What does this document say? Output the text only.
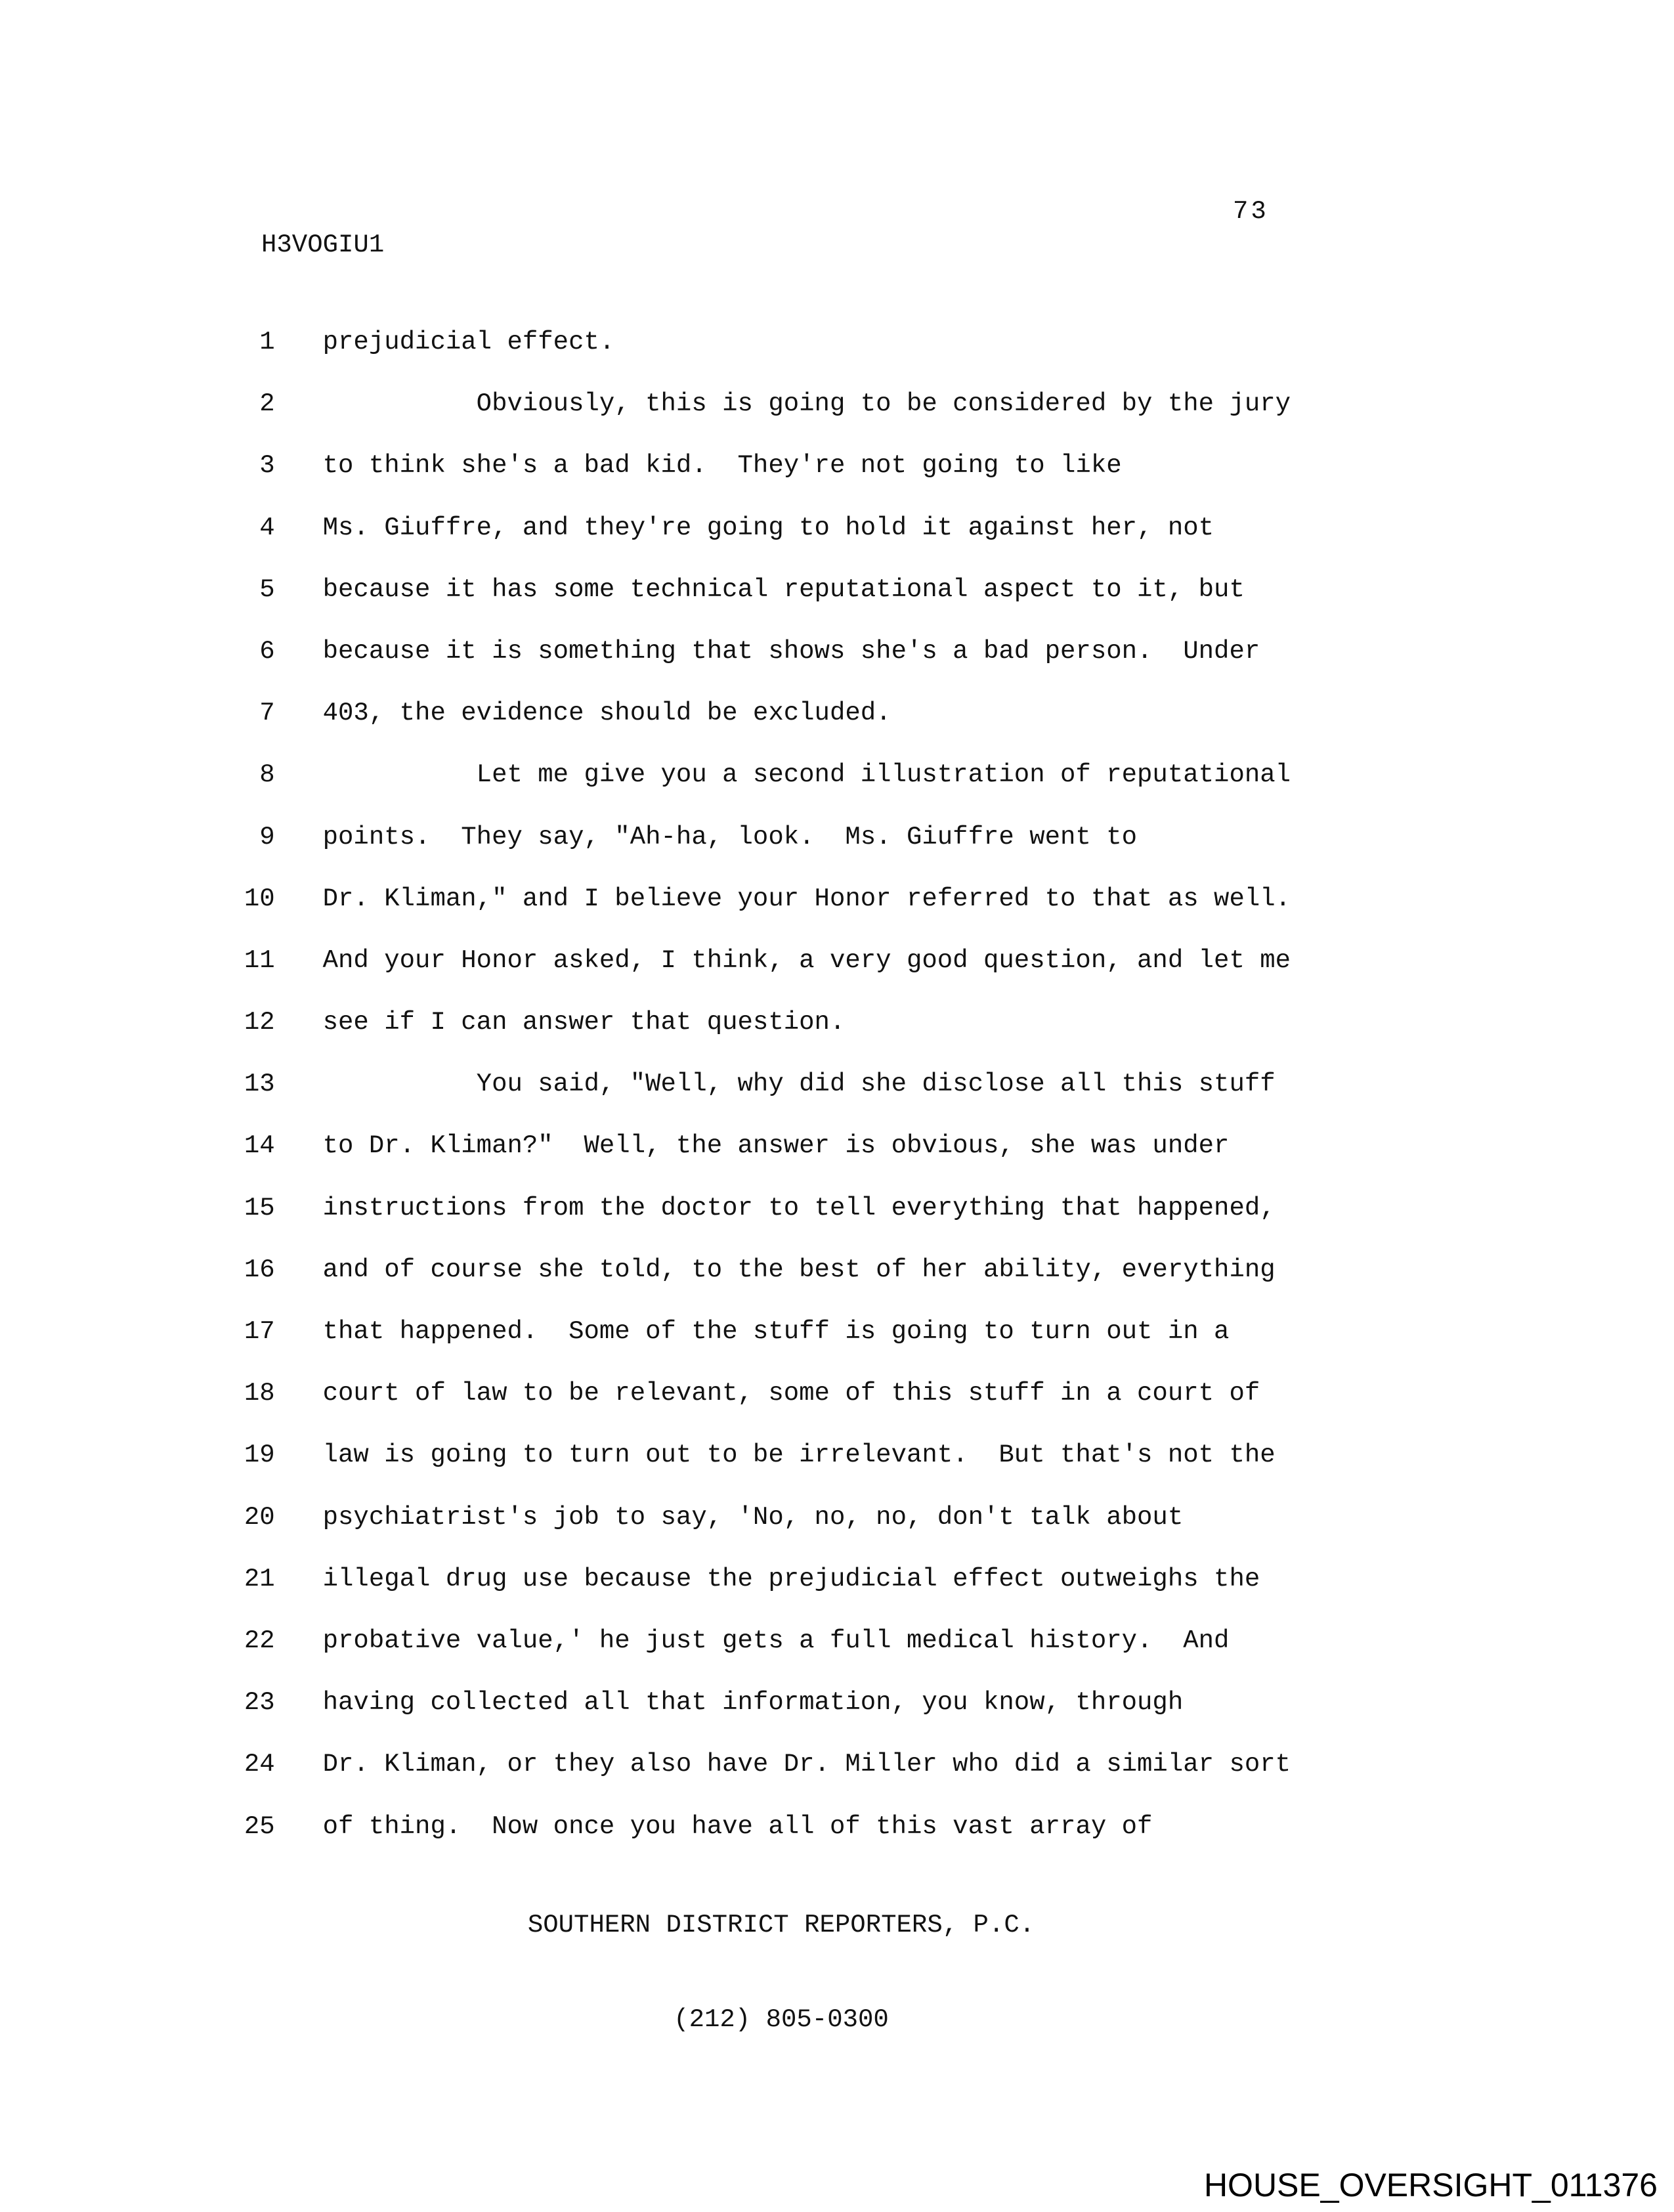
73
H3VOGIU1

1 prejudicial effect.

2          Obviously, this is going to be considered by the jury

3 to think she's a bad kid.  They're not going to like

4 Ms. Giuffre, and they're going to hold it against her, not

5 because it has some technical reputational aspect to it, but

6 because it is something that shows she's a bad person.  Under

7 403, the evidence should be excluded.

8          Let me give you a second illustration of reputational

9 points.  They say, "Ah-ha, look.  Ms. Giuffre went to

10 Dr. Kliman," and I believe your Honor referred to that as well.

11 And your Honor asked, I think, a very good question, and let me

12 see if I can answer that question.

13          You said, "Well, why did she disclose all this stuff

14 to Dr. Kliman?"  Well, the answer is obvious, she was under

15 instructions from the doctor to tell everything that happened,

16 and of course she told, to the best of her ability, everything

17 that happened.  Some of the stuff is going to turn out in a

18 court of law to be relevant, some of this stuff in a court of

19 law is going to turn out to be irrelevant.  But that's not the

20 psychiatrist's job to say, 'No, no, no, don't talk about

21 illegal drug use because the prejudicial effect outweighs the

22 probative value,' he just gets a full medical history.  And

23 having collected all that information, you know, through

24 Dr. Kliman, or they also have Dr. Miller who did a similar sort

25 of thing.  Now once you have all of this vast array of

SOUTHERN DISTRICT REPORTERS, P.C.

(212) 805-0300

HOUSE_OVERSIGHT_011376
